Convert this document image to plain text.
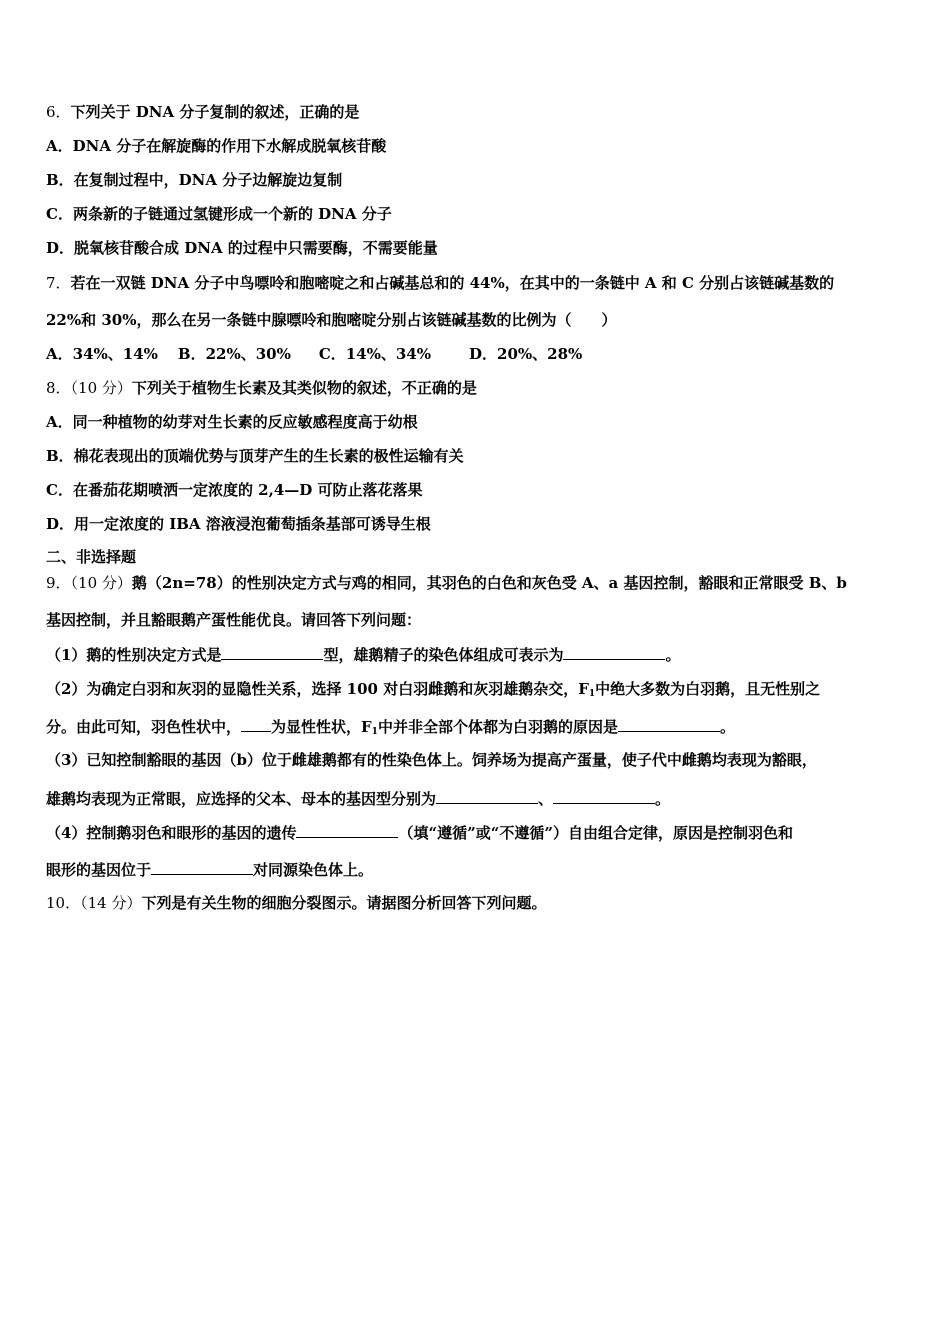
6．下列关于 DNA 分子复制的叙述，正确的是
A．DNA 分子在解旋酶的作用下水解成脱氧核苷酸
B．在复制过程中，DNA 分子边解旋边复制
C．两条新的子链通过氢键形成一个新的 DNA 分子
D．脱氧核苷酸合成 DNA 的过程中只需要酶，不需要能量
7．若在一双链 DNA 分子中鸟嘌呤和胞嘧啶之和占碱基总和的 44%，在其中的一条链中 A 和 C 分别占该链碱基数的
22%和 30%，那么在另一条链中腺嘌呤和胞嘧啶分别占该链碱基数的比例为（　　）
A．34%、14% B．22%、30% C．14%、34%	D．20%、28%
8．（10 分）下列关于植物生长素及其类似物的叙述，不正确的是
A．同一种植物的幼芽对生长素的反应敏感程度高于幼根
B．棉花表现出的顶端优势与顶芽产生的生长素的极性运输有关
C．在番茄花期喷洒一定浓度的 2,4—D 可防止落花落果
D．用一定浓度的 IBA 溶液浸泡葡萄插条基部可诱导生根
二、非选择题
9．（10 分）鹅（2n=78）的性别决定方式与鸡的相同，其羽色的白色和灰色受 A、a 基因控制，豁眼和正常眼受 B、b
基因控制，并且豁眼鹅产蛋性能优良。请回答下列问题：
（1）鹅的性别决定方式是	型，雄鹅精子的染色体组成可表示为	。
（2）为确定白羽和灰羽的显隐性关系，选择 100 对白羽雌鹅和灰羽雄鹅杂交，$F_1$中绝大多数为白羽鹅，且无性别之
分。由此可知，羽色性状中， 为显性性状，$F_1$中并非全部个体都为白羽鹅的原因是	。
（3）已知控制豁眼的基因（b）位于雌雄鹅都有的性染色体上。饲养场为提高产蛋量，使子代中雌鹅均表现为豁眼，
雄鹅均表现为正常眼，应选择的父本、母本的基因型分别为	、	。
（4）控制鹅羽色和眼形的基因的遗传	（填“遵循”或“不遵循”）自由组合定律，原因是控制羽色和
眼形的基因位于	对同源染色体上。
10．（14 分）下列是有关生物的细胞分裂图示。请据图分析回答下列问题。
